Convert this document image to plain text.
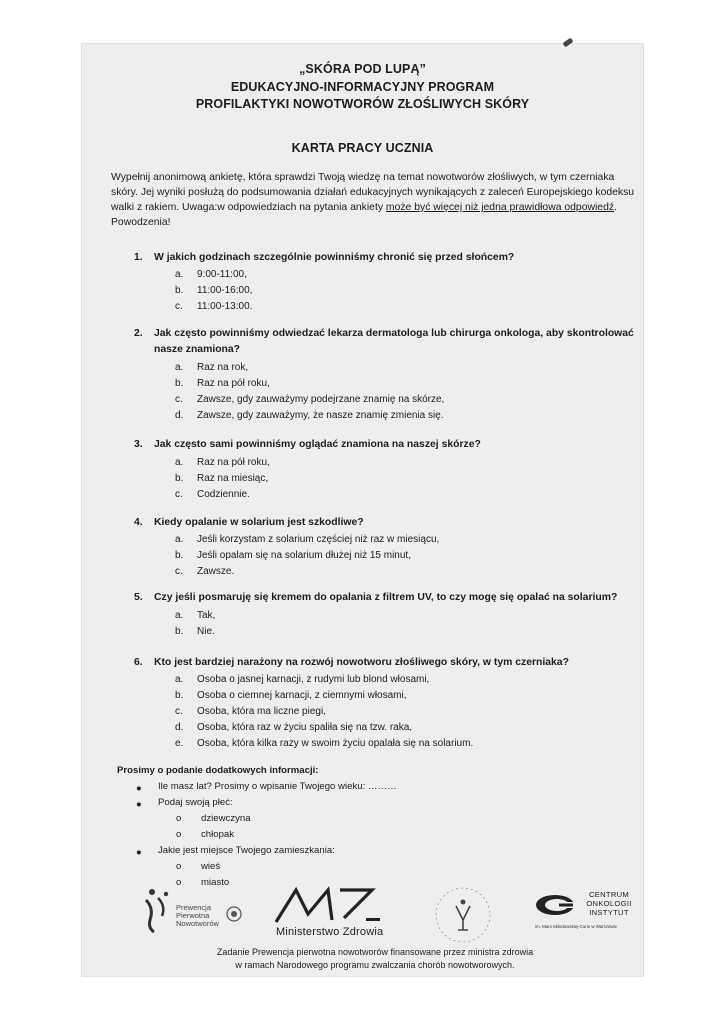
„SKÓRA POD LUPĄ”
EDUKACYJNO-INFORMACYJNY PROGRAM
PROFILAKTYKI NOWOTWORÓW ZŁOŚLIWYCH SKÓRY
KARTA PRACY UCZNIA
Wypełnij anonimową ankietę, która sprawdzi Twoją wiedzę na temat nowotworów złośliwych, w tym czerniaka skóry. Jej wyniki posłużą do podsumowania działań edukacyjnych wynikających z zaleceń Europejskiego kodeksu walki z rakiem. Uwaga:w odpowiedziach na pytania ankiety może być więcej niż jedna prawidłowa odpowiedź. Powodzenia!
1. W jakich godzinach szczególnie powinniśmy chronić się przed słońcem?
a. 9:00-11:00,
b. 11:00-16:00,
c. 11:00-13:00.
2. Jak często powinniśmy odwiedzać lekarza dermatologa lub chirurga onkologa, aby skontrolować
nasze znamiona?
a. Raz na rok,
b. Raz na pół roku,
c. Zawsze, gdy zauważymy podejrzane znamię na skórze,
d. Zawsze, gdy zauważymy, że nasze znamię zmienia się.
3. Jak często sami powinniśmy oglądać znamiona na naszej skórze?
a. Raz na pół roku,
b. Raz na miesiąc,
c. Codziennie.
4. Kiedy opalanie w solarium jest szkodliwe?
a. Jeśli korzystam z solarium częściej niż raz w miesiącu,
b. Jeśli opalam się na solarium dłużej niż 15 minut,
c. Zawsze.
5. Czy jeśli posmaruję się kremem do opalania z filtrem UV, to czy mogę się opalać na solarium?
a. Tak,
b. Nie.
6. Kto jest bardziej narażony na rozwój nowotworu złośliwego skóry, w tym czerniaka?
a. Osoba o jasnej karnacji, z rudymi lub blond włosami,
b. Osoba o ciemnej karnacji, z ciemnymi włosami,
c. Osoba, która ma liczne piegi,
d. Osoba, która raz w życiu spaliła się na tzw. raka,
e. Osoba, która kilka razy w swoim życiu opalała się na solarium.
Prosimy o podanie dodatkowych informacji:
● Ile masz lat? Prosimy o wpisanie Twojego wieku: ………
● Podaj swoją płeć:
o dziewczyna
o chłopak
● Jakie jest miejsce Twojego zamieszkania:
o wieś
o miasto
Prewencja
Pierwotna
Nowotworów
Ministerstwo Zdrowia
CENTRUM
ONKOLOGII
INSTYTUT
im. Marii Skłodowskiej-Curie w Warszawie
Zadanie Prewencja pierwotna nowotworów finansowane przez ministra zdrowia
w ramach Narodowego programu zwalczania chorób nowotworowych.
